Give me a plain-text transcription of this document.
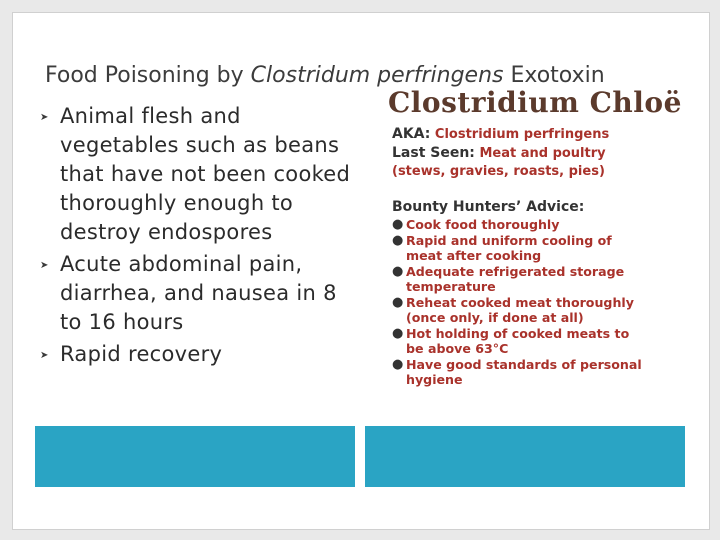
Food Poisoning by Clostridum perfringens Exotoxin
➤ Animal flesh and vegetables such as beans that have not been cooked thoroughly enough to destroy endospores
➤ Acute abdominal pain, diarrhea, and nausea in 8 to 16 hours
➤ Rapid recovery
Clostridium Chloë
AKA: Clostridium perfringens
Last Seen: Meat and poultry
(stews, gravies, roasts, pies)
Bounty Hunters’ Advice:
● Cook food thoroughly
● Rapid and uniform cooling of meat after cooking
● Adequate refrigerated storage temperature
● Reheat cooked meat thoroughly (once only, if done at all)
● Hot holding of cooked meats to be above 63°C
● Have good standards of personal hygiene
